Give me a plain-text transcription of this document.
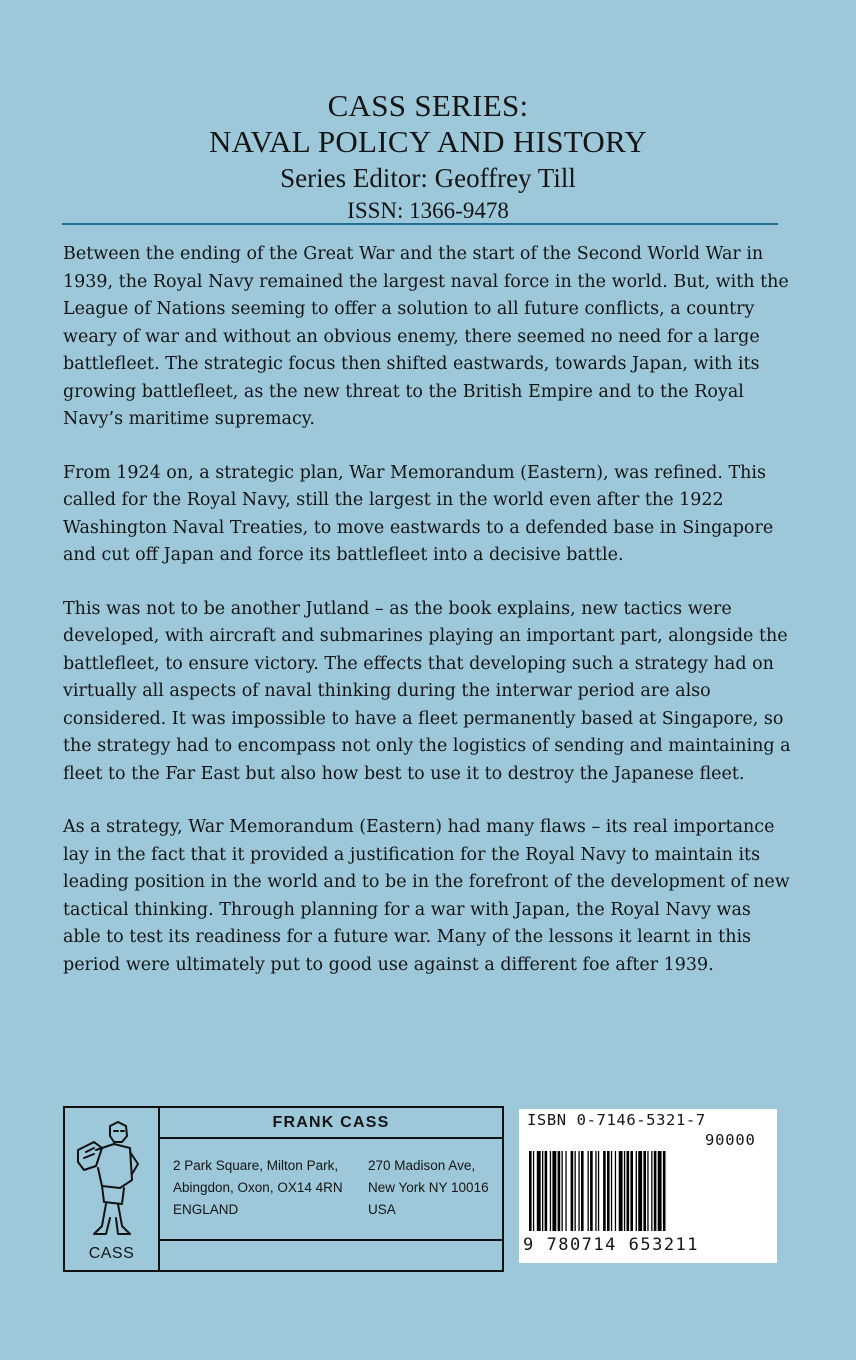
CASS SERIES:
NAVAL POLICY AND HISTORY
Series Editor: Geoffrey Till
ISSN: 1366-9478

Between the ending of the Great War and the start of the Second World War in 1939, the Royal Navy remained the largest naval force in the world. But, with the League of Nations seeming to offer a solution to all future conflicts, a country weary of war and without an obvious enemy, there seemed no need for a large battlefleet. The strategic focus then shifted eastwards, towards Japan, with its growing battlefleet, as the new threat to the British Empire and to the Royal Navy’s maritime supremacy.

From 1924 on, a strategic plan, War Memorandum (Eastern), was refined. This called for the Royal Navy, still the largest in the world even after the 1922 Washington Naval Treaties, to move eastwards to a defended base in Singapore and cut off Japan and force its battlefleet into a decisive battle.

This was not to be another Jutland – as the book explains, new tactics were developed, with aircraft and submarines playing an important part, alongside the battlefleet, to ensure victory. The effects that developing such a strategy had on virtually all aspects of naval thinking during the interwar period are also considered. It was impossible to have a fleet permanently based at Singapore, so the strategy had to encompass not only the logistics of sending and maintaining a fleet to the Far East but also how best to use it to destroy the Japanese fleet.

As a strategy, War Memorandum (Eastern) had many flaws – its real importance lay in the fact that it provided a justification for the Royal Navy to maintain its leading position in the world and to be in the forefront of the development of new tactical thinking. Through planning for a war with Japan, the Royal Navy was able to test its readiness for a future war. Many of the lessons it learnt in this period were ultimately put to good use against a different foe after 1939.

CASS
FRANK CASS
2 Park Square, Milton Park,
Abingdon, Oxon, OX14 4RN
ENGLAND
270 Madison Ave,
New York NY 10016
USA
ISBN 0-7146-5321-7
90000
9 780714 653211
